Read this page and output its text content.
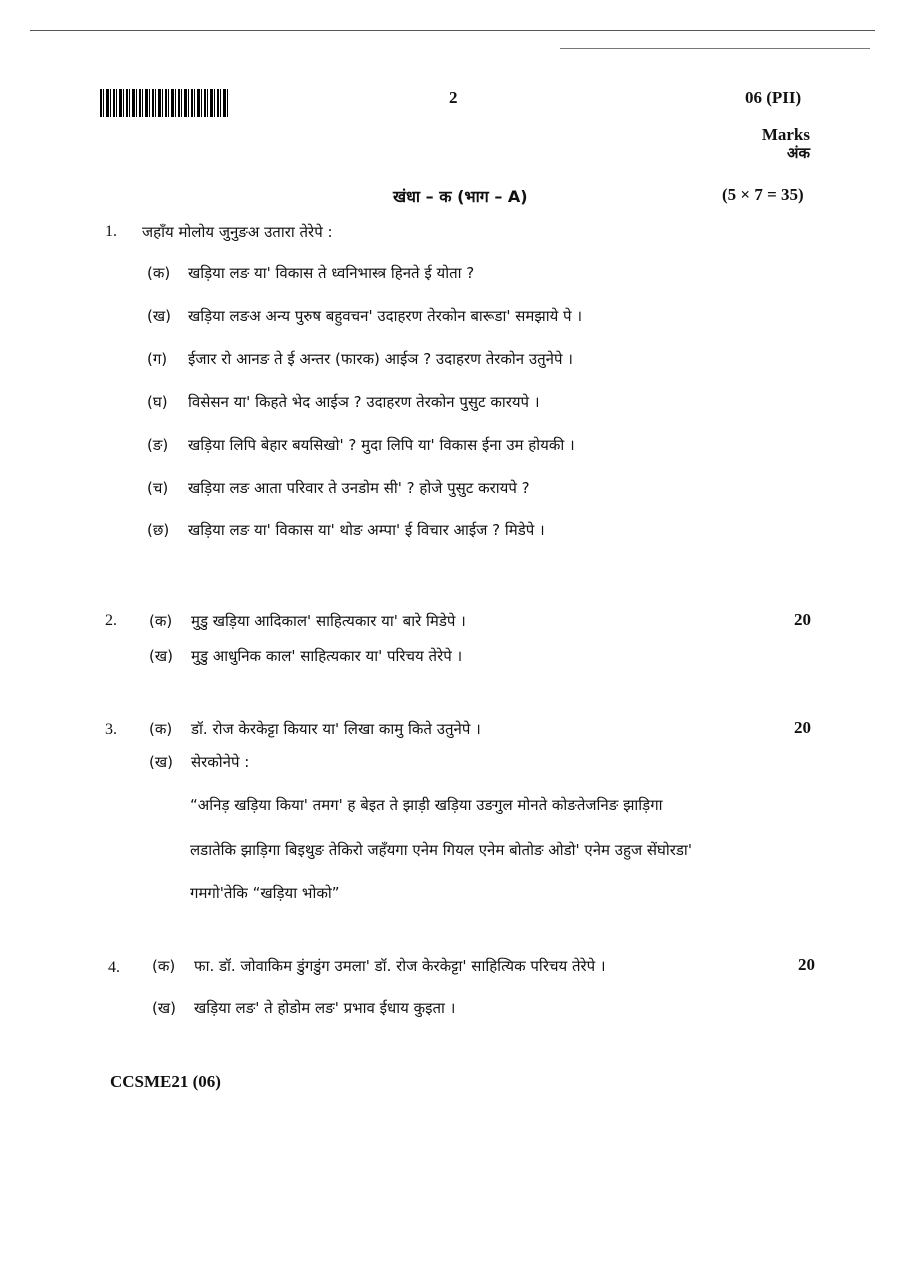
2	06 (PII)
Marks
अंक
खंधा – क (भाग – A)	(5 × 7 = 35)
1. जहाँय मोलोय जुनुङअ उतारा तेरेपे :
(क) खड़िया लङ या' विकास ते ध्वनिभास्त्र हिनते ई योता ?
(ख) खड़िया लङअ अन्य पुरुष बहुवचन' उदाहरण तेरकोन बारूडा' समझाये पे ।
(ग) ईजार रो आनङ ते ई अन्तर (फारक) आईञ ? उदाहरण तेरकोन उतुनेपे ।
(घ) विसेसन या' किहते भेद आईञ ? उदाहरण तेरकोन पुसुट कारयपे ।
(ङ) खड़िया लिपि बेहार बयसिखो' ? मुदा लिपि या' विकास ईना उम होयकी ।
(च) खड़िया लङ आता परिवार ते उनडोम सी' ? होजे पुसुट करायपे ?
(छ) खड़िया लङ या' विकास या' थोङ अम्पा' ई विचार आईज ? मिडेपे ।
2. (क) मुडु खड़िया आदिकाल' साहित्यकार या' बारे मिडेपे ।	20
(ख) मुडु आधुनिक काल' साहित्यकार या' परिचय तेरेपे ।
3. (क) डॉ. रोज केरकेट्टा कियार या' लिखा कामु किते उतुनेपे ।	20
(ख) सेरकोनेपे :
“अनिड़ खड़िया किया' तमग' ह बेइत ते झाड़ी खड़िया उङगुल मोनते कोङतेजनिङ झाड़िगा
लडातेकि झाड़िगा बिइथुङ तेकिरो जहँयगा एनेम गियल एनेम बोतोङ ओडो' एनेम उहुज सेंघोरडा'
गमगो'तेकि “खड़िया भोको”
4. (क) फा. डॉ. जोवाकिम डुंगडुंग उमला' डॉ. रोज केरकेट्टा' साहित्यिक परिचय तेरेपे ।	20
(ख) खड़िया लङ' ते होडोम लङ' प्रभाव ईधाय कुइता ।
CCSME21 (06)
